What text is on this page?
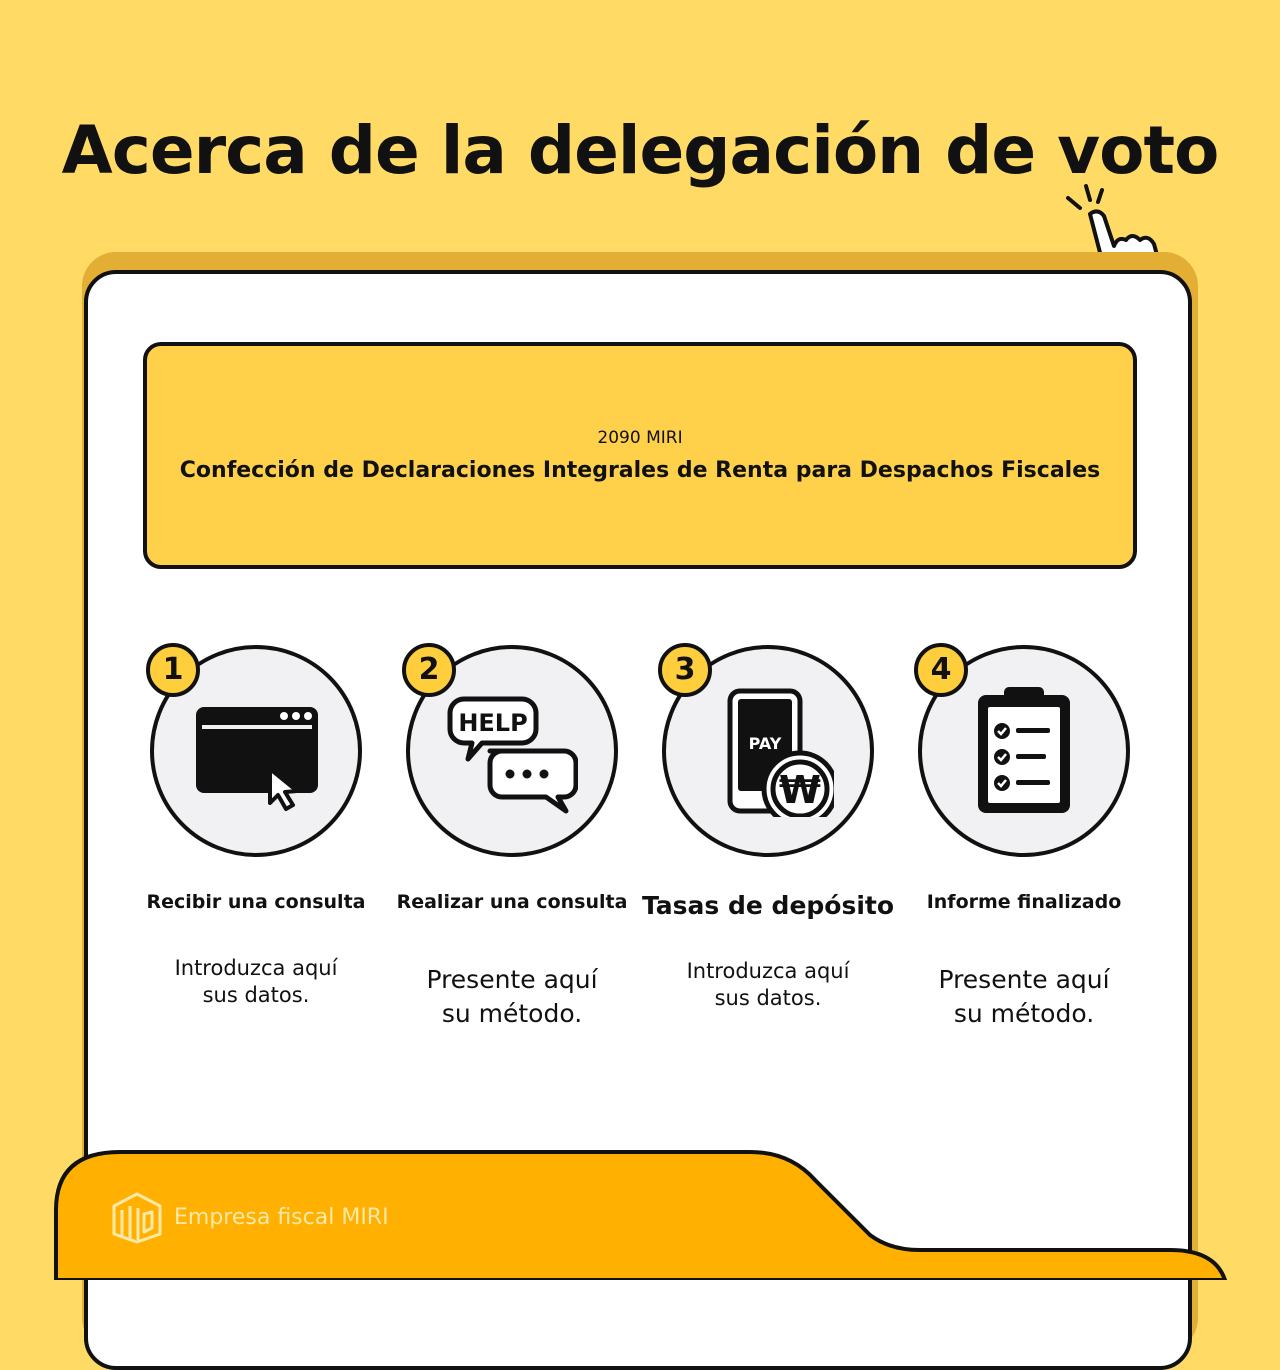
Acerca de la delegación de voto
2090 MIRI
Confección de Declaraciones Integrales de Renta para Despachos Fiscales
1
Recibir una consulta
Introduzca aquí
sus datos.
2
HELP
Realizar una consulta
Presente aquí
su método.
3
PAY
₩
Tasas de depósito
Introduzca aquí
sus datos.
4
Informe finalizado
Presente aquí
su método.
Empresa fiscal MIRI
